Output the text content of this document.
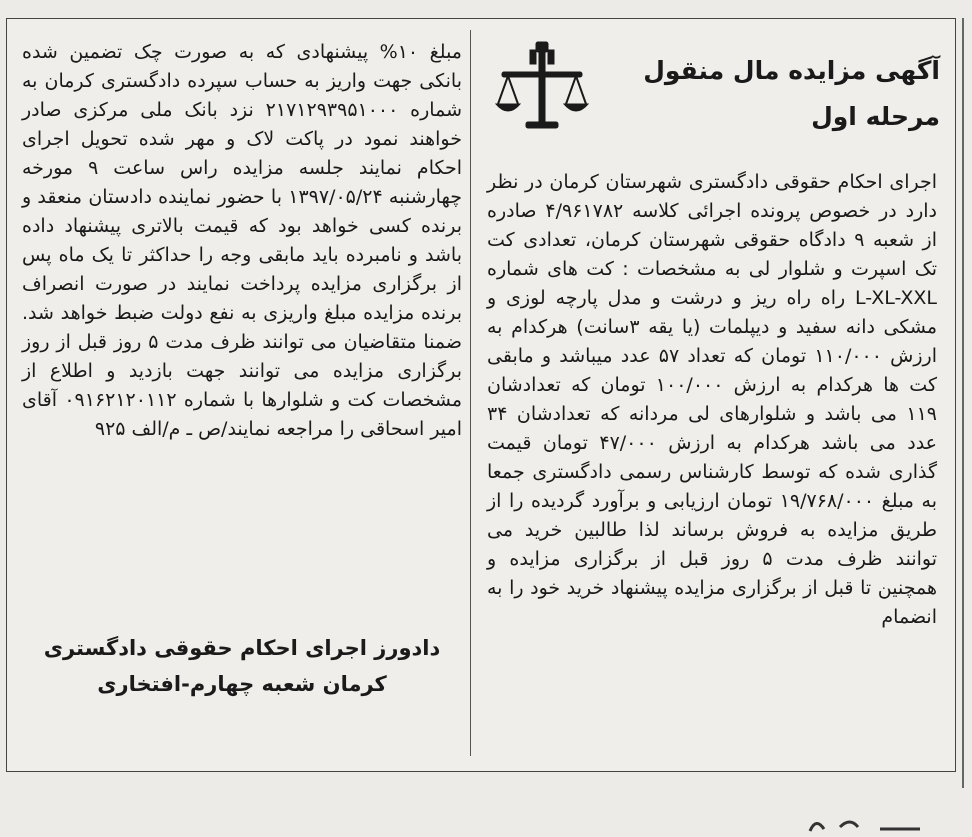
آگهی مزایده مال منقول
مرحله اول

اجرای احکام حقوقی دادگستری شهرستان کرمان در نظر دارد در خصوص پرونده اجرائی کلاسه ۴/۹۶۱۷۸۲ صادره از شعبه ۹ دادگاه حقوقی شهرستان کرمان، تعدادی کت تک اسپرت و شلوار لی به مشخصات : کت های شماره L-XL-XXL راه راه ریز و درشت و مدل پارچه لوزی و مشکی دانه سفید و دیپلمات (یا یقه ۳سانت) هرکدام به ارزش ۱۱۰/۰۰۰ تومان که تعداد ۵۷ عدد میباشد و مابقی کت ها هرکدام به ارزش ۱۰۰/۰۰۰ تومان که تعدادشان ۱۱۹ می باشد و شلوارهای لی مردانه که تعدادشان ۳۴ عدد می باشد هرکدام به ارزش ۴۷/۰۰۰ تومان قیمت گذاری شده که توسط کارشناس رسمی دادگستری جمعا به مبلغ ۱۹/۷۶۸/۰۰۰ تومان ارزیابی و برآورد گردیده را از طریق مزایده به فروش برساند لذا طالبین خرید می توانند ظرف مدت ۵ روز قبل از برگزاری مزایده و همچنین تا قبل از برگزاری مزایده پیشنهاد خرید خود را به انضمام

مبلغ ۱۰% پیشنهادی که به صورت چک تضمین شده بانکی جهت واریز به حساب سپرده دادگستری کرمان به شماره ۲۱۷۱۲۹۳۹۵۱۰۰۰ نزد بانک ملی مرکزی صادر خواهند نمود در پاکت لاک و مهر شده تحویل اجرای احکام نمایند جلسه مزایده راس ساعت ۹ مورخه چهارشنبه ۱۳۹۷/۰۵/۲۴ با حضور نماینده دادستان منعقد و برنده کسی خواهد بود که قیمت بالاتری پیشنهاد داده باشد و نامبرده باید مابقی وجه را حداکثر تا یک ماه پس از برگزاری مزایده پرداخت نمایند در صورت انصراف برنده مزایده مبلغ واریزی به نفع دولت ضبط خواهد شد. ضمنا متقاضیان می توانند ظرف مدت ۵ روز قبل از روز برگزاری مزایده می توانند جهت بازدید و اطلاع از مشخصات کت و شلوارها با شماره ۰۹۱۶۲۱۲۰۱۱۲ آقای امیر اسحاقی را مراجعه نمایند/ص ـ م/الف ۹۲۵

دادورز اجرای احکام حقوقی دادگستری
کرمان شعبه چهارم-افتخاری
